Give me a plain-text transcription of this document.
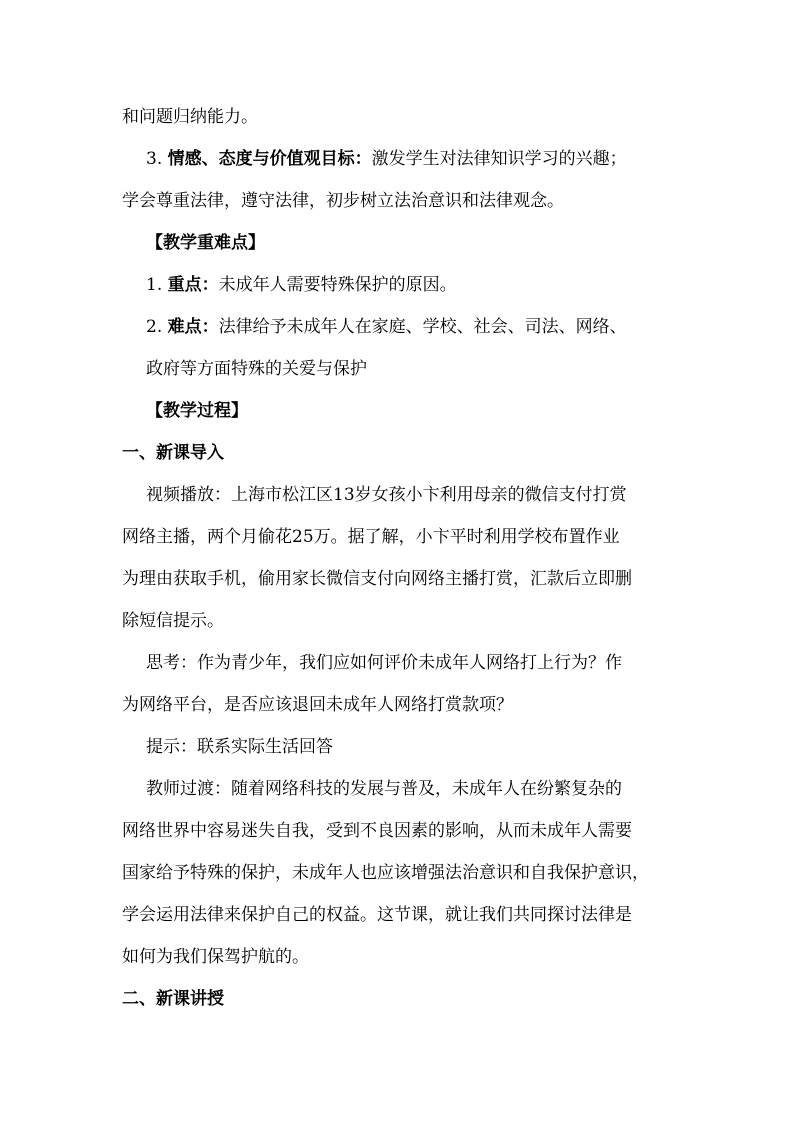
和问题归纳能力。
3. 情感、态度与价值观目标：激发学生对法律知识学习的兴趣；
学会尊重法律，遵守法律，初步树立法治意识和法律观念。
【教学重难点】
1. 重点：未成年人需要特殊保护的原因。
2. 难点：法律给予未成年人在家庭、学校、社会、司法、网络、
政府等方面特殊的关爱与保护
【教学过程】
一、新课导入
视频播放：上海市松江区13岁女孩小卞利用母亲的微信支付打赏
网络主播，两个月偷花25万。据了解，小卞平时利用学校布置作业
为理由获取手机，偷用家长微信支付向网络主播打赏，汇款后立即删
除短信提示。
思考：作为青少年，我们应如何评价未成年人网络打上行为？作
为网络平台，是否应该退回未成年人网络打赏款项？
提示：联系实际生活回答
教师过渡：随着网络科技的发展与普及，未成年人在纷繁复杂的
网络世界中容易迷失自我，受到不良因素的影响，从而未成年人需要
国家给予特殊的保护，未成年人也应该增强法治意识和自我保护意识，
学会运用法律来保护自己的权益。这节课，就让我们共同探讨法律是
如何为我们保驾护航的。
二、新课讲授
